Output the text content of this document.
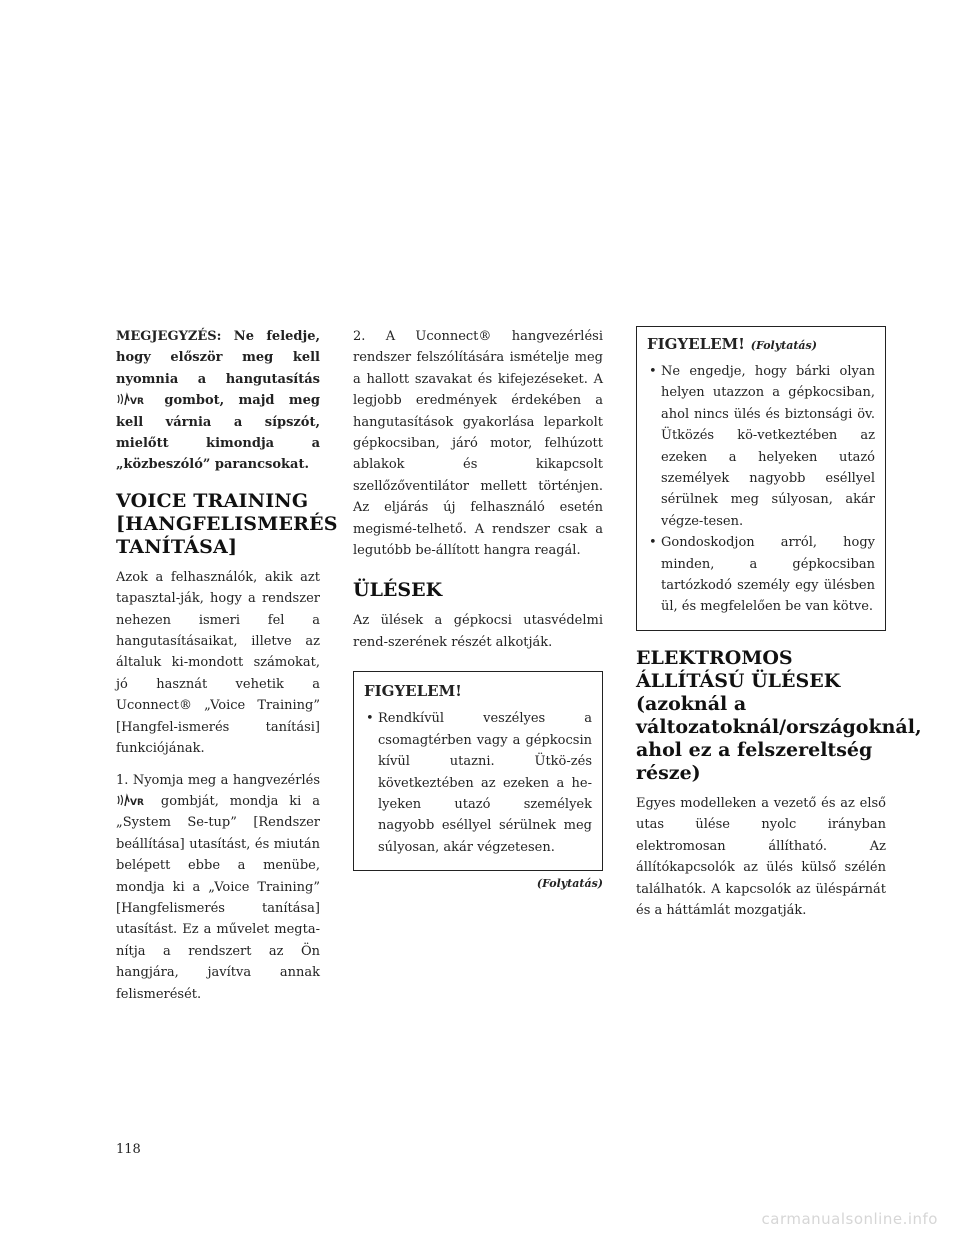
MEGJEGYZÉS: Ne feledje, hogy először meg kell nyomnia a hangutasítás
VR gombot, majd meg kell várnia a sípszót, mielőtt kimondja a „közbeszóló” parancsokat.
VOICE TRAINING [HANGFELISMERÉS TANÍTÁSA]

Azok a felhasználók, akik azt tapasztal-ják, hogy a rendszer nehezen ismeri fel a hangutasításaikat, illetve az általuk ki-mondott számokat, jó hasznát vehetik a Uconnect® „Voice Training” [Hangfel-ismerés tanítási] funkciójának.

1. Nyomja meg a hangvezérlés
VR gombját, mondja ki a „System Se-tup” [Rendszer beállítása] utasítást, és miután belépett ebbe a menübe, mondja ki a „Voice Training” [Hangfelismerés tanítása] utasítást. Ez a művelet megta-nítja a rendszert az Ön hangjára, javítva annak felismerését.

2. A Uconnect® hangvezérlési rendszer felszólítására ismételje meg a hallott szavakat és kifejezéseket. A legjobb eredmények érdekében a hangutasítások gyakorlása leparkolt gépkocsiban, járó motor, felhúzott ablakok és kikapcsolt szellőzőventilátor mellett történjen. Az eljárás új felhasználó esetén megismé-telhető. A rendszer csak a legutóbb be-állított hangra reagál.

ÜLÉSEK

Az ülések a gépkocsi utasvédelmi rend-szerének részét alkotják.

FIGYELEM!
• Rendkívül veszélyes a csomagtérben vagy a gépkocsin kívül utazni. Ütkö-zés következtében az ezeken a he-lyeken utazó személyek nagyobb eséllyel sérülnek meg súlyosan, akár végzetesen.
(Folytatás)
FIGYELEM! (Folytatás)
• Ne engedje, hogy bárki olyan helyen utazzon a gépkocsiban, ahol nincs ülés és biztonsági öv. Ütközés kö-vetkeztében az ezeken a helyeken utazó személyek nagyobb eséllyel sérülnek meg súlyosan, akár végze-tesen.
• Gondoskodjon arról, hogy minden, a gépkocsiban tartózkodó személy egy ülésben ül, és megfelelően be van kötve.
ELEKTROMOS ÁLLÍTÁSÚ ÜLÉSEK (azoknál a változatoknál/országoknál, ahol ez a felszereltség része)

Egyes modelleken a vezető és az első utas ülése nyolc irányban elektromosan állítható. Az állítókapcsolók az ülés külső szélén találhatók. A kapcsolók az üléspárnát és a háttámlát mozgatják.

118
carmanualsonline.info
